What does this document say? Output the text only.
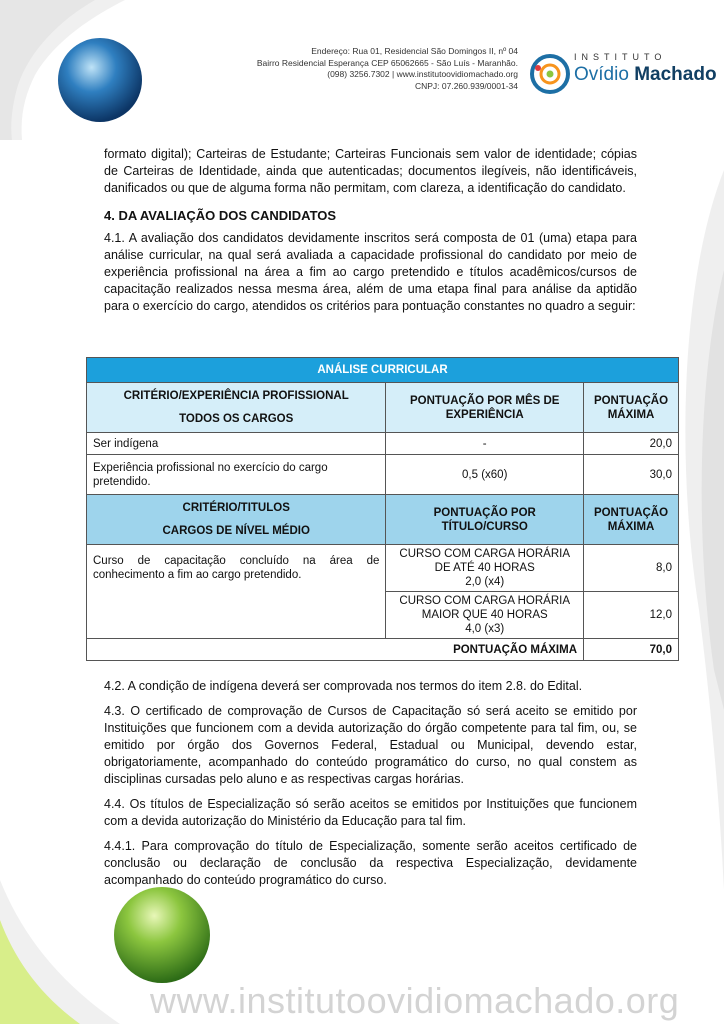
Endereço: Rua 01, Residencial São Domingos II, nº 04
Bairro Residencial Esperança CEP 65062665 - São Luís - Maranhão.
(098) 3256.7302 | www.institutoovidiomachado.org
CNPJ: 07.260.939/0001-34
INSTITUTO
Ovídio Machado

formato digital); Carteiras de Estudante; Carteiras Funcionais sem valor de identidade; cópias de Carteiras de Identidade, ainda que autenticadas; documentos ilegíveis, não identificáveis, danificados ou que de alguma forma não permitam, com clareza, a identificação do candidato.

4. DA AVALIAÇÃO DOS CANDIDATOS

4.1. A avaliação dos candidatos devidamente inscritos será composta de 01 (uma) etapa para análise curricular, na qual será avaliada a capacidade profissional do candidato por meio de experiência profissional na área a fim ao cargo pretendido e títulos acadêmicos/cursos de capacitação realizados nessa mesma área, além de uma etapa final para análise da aptidão para o exercício do cargo, atendidos os critérios para pontuação constantes no quadro a seguir:

ANÁLISE CURRICULAR		

CRITÉRIO/EXPERIÊNCIA PROFISSIONAL
TODOS OS CARGOS	PONTUAÇÃO POR MÊS DE EXPERIÊNCIA	PONTUAÇÃO MÁXIMA
Ser indígena	-	20,0
Experiência profissional no exercício do cargo pretendido.	0,5 (x60)	30,0

CRITÉRIO/TITULOS
CARGOS DE NÍVEL MÉDIO	PONTUAÇÃO POR TÍTULO/CURSO	PONTUAÇÃO MÁXIMA
Curso de capacitação concluído na área de conhecimento a fim ao cargo pretendido.	CURSO COM CARGA HORÁRIA
DE ATÉ 40 HORAS
2,0 (x4)	8,0

	CURSO COM CARGA HORÁRIA
MAIOR QUE 40 HORAS
4,0 (x3)	12,0
PONTUAÇÃO MÁXIMA		70,0

4.2. A condição de indígena deverá ser comprovada nos termos do item 2.8. do Edital.

4.3. O certificado de comprovação de Cursos de Capacitação só será aceito se emitido por Instituições que funcionem com a devida autorização do órgão competente para tal fim, ou, se emitido por órgão dos Governos Federal, Estadual ou Municipal, devendo estar, obrigatoriamente, acompanhado do conteúdo programático do curso, no qual constem as disciplinas cursadas pelo aluno e as respectivas cargas horárias.

4.4. Os títulos de Especialização só serão aceitos se emitidos por Instituições que funcionem com a devida autorização do Ministério da Educação para tal fim.

4.4.1. Para comprovação do título de Especialização, somente serão aceitos certificado de conclusão ou declaração de conclusão da respectiva Especialização, devidamente acompanhado do conteúdo programático do curso.

www.institutoovidiomachado.org
